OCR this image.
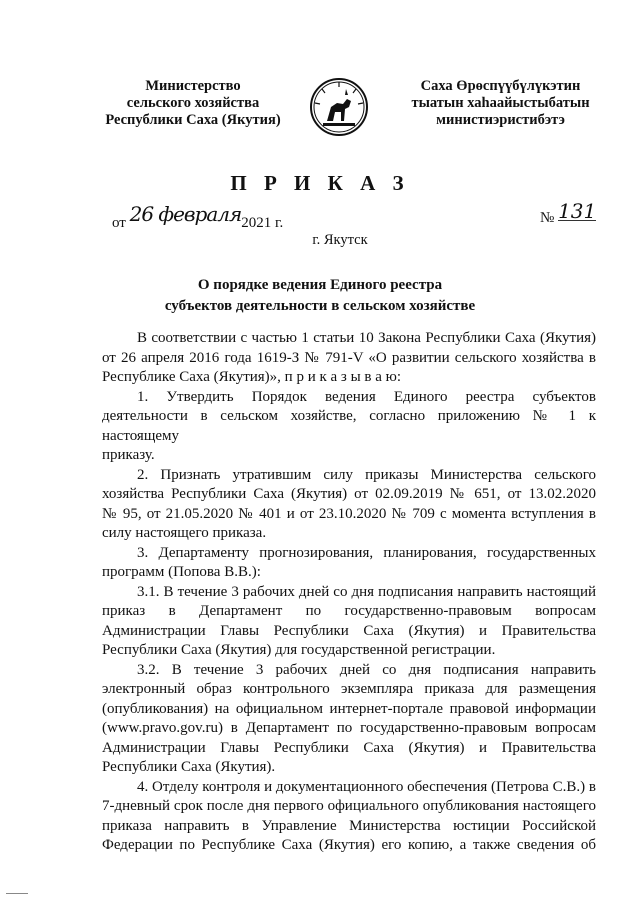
Министерство
сельского хозяйства
Республики Саха (Якутия)
Саха Өрөспүүбүлүкэтин
тыатын хаһаайыстыбатын
министиэристибэтэ
П Р И К А З
от 26 февраля2021 г.	№ 131
г. Якутск
О порядке ведения Единого реестра
субъектов деятельности в сельском хозяйстве

В соответствии с частью 1 статьи 10 Закона Республики Саха (Якутия)

от 26 апреля 2016 года 1619-З № 791-V «О развитии сельского хозяйства в

Республике Саха (Якутия)», п р и к а з ы в а ю:

1. Утвердить Порядок ведения Единого реестра субъектов

деятельности в сельском хозяйстве, согласно приложению № 1 к настоящему

приказу.

2. Признать утратившим силу приказы Министерства сельского

хозяйства Республики Саха (Якутия) от 02.09.2019 № 651, от 13.02.2020

№ 95, от 21.05.2020 № 401 и от 23.10.2020 № 709 с момента вступления в

силу настоящего приказа.

3. Департаменту прогнозирования, планирования, государственных

программ (Попова В.В.):

3.1. В течение 3 рабочих дней со дня подписания направить настоящий

приказ в Департамент по государственно-правовым вопросам

Администрации Главы Республики Саха (Якутия) и Правительства

Республики Саха (Якутия) для государственной регистрации.

3.2. В течение 3 рабочих дней со дня подписания направить

электронный образ контрольного экземпляра приказа для размещения

(опубликования) на официальном интернет-портале правовой информации

(www.pravo.gov.ru) в Департамент по государственно-правовым вопросам

Администрации Главы Республики Саха (Якутия) и Правительства

Республики Саха (Якутия).

4. Отделу контроля и документационного обеспечения (Петрова С.В.) в

7-дневный срок после дня первого официального опубликования настоящего

приказа направить в Управление Министерства юстиции Российской

Федерации по Республике Саха (Якутия) его копию, а также сведения об
